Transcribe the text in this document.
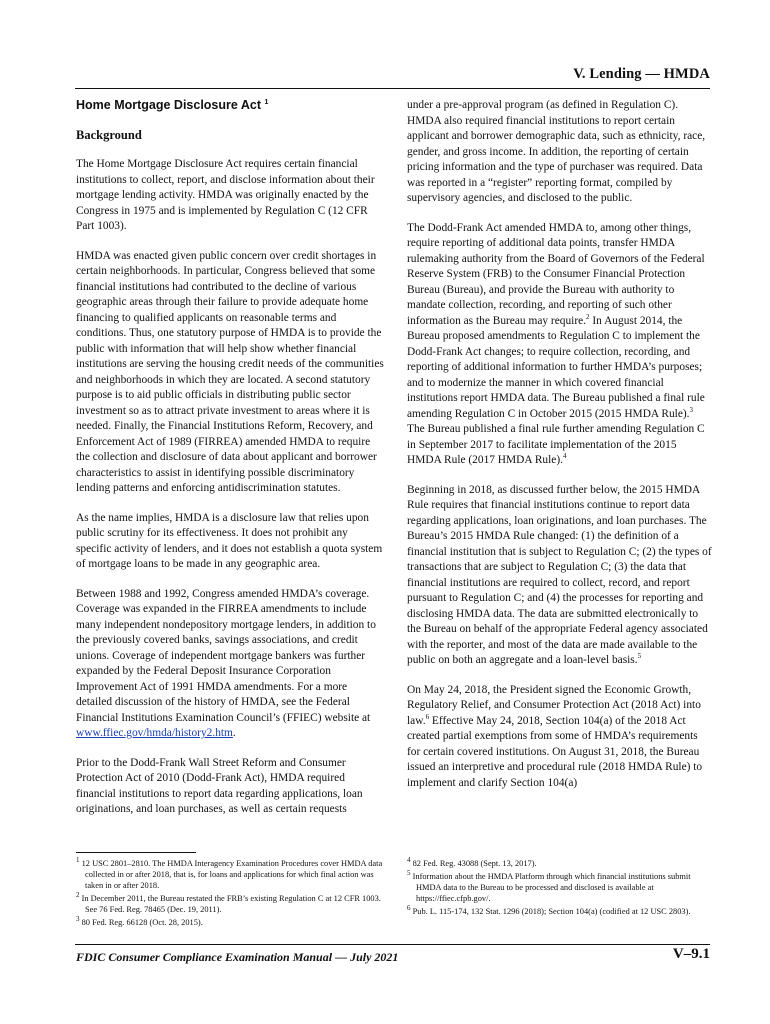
V. Lending — HMDA
Home Mortgage Disclosure Act $^1$
Background

The Home Mortgage Disclosure Act requires certain financial institutions to collect, report, and disclose information about their mortgage lending activity. HMDA was originally enacted by the Congress in 1975 and is implemented by Regulation C (12 CFR Part 1003).

HMDA was enacted given public concern over credit shortages in certain neighborhoods. In particular, Congress believed that some financial institutions had contributed to the decline of various geographic areas through their failure to provide adequate home financing to qualified applicants on reasonable terms and conditions. Thus, one statutory purpose of HMDA is to provide the public with information that will help show whether financial institutions are serving the housing credit needs of the communities and neighborhoods in which they are located. A second statutory purpose is to aid public officials in distributing public sector investment so as to attract private investment to areas where it is needed. Finally, the Financial Institutions Reform, Recovery, and Enforcement Act of 1989 (FIRREA) amended HMDA to require the collection and disclosure of data about applicant and borrower characteristics to assist in identifying possible discriminatory lending patterns and enforcing antidiscrimination statutes.

As the name implies, HMDA is a disclosure law that relies upon public scrutiny for its effectiveness. It does not prohibit any specific activity of lenders, and it does not establish a quota system of mortgage loans to be made in any geographic area.

Between 1988 and 1992, Congress amended HMDA’s coverage. Coverage was expanded in the FIRREA amendments to include many independent nondepository mortgage lenders, in addition to the previously covered banks, savings associations, and credit unions. Coverage of independent mortgage bankers was further expanded by the Federal Deposit Insurance Corporation Improvement Act of 1991 HMDA amendments. For a more detailed discussion of the history of HMDA, see the Federal Financial Institutions Examination Council’s (FFIEC) website at www.ffiec.gov/hmda/history2.htm.

Prior to the Dodd-Frank Wall Street Reform and Consumer Protection Act of 2010 (Dodd-Frank Act), HMDA required financial institutions to report data regarding applications, loan originations, and loan purchases, as well as certain requests

under a pre-approval program (as defined in Regulation C). HMDA also required financial institutions to report certain applicant and borrower demographic data, such as ethnicity, race, gender, and gross income. In addition, the reporting of certain pricing information and the type of purchaser was required. Data was reported in a “register” reporting format, compiled by supervisory agencies, and disclosed to the public.

The Dodd-Frank Act amended HMDA to, among other things, require reporting of additional data points, transfer HMDA rulemaking authority from the Board of Governors of the Federal Reserve System (FRB) to the Consumer Financial Protection Bureau (Bureau), and provide the Bureau with authority to mandate collection, recording, and reporting of such other information as the Bureau may require.$^2$ In August 2014, the Bureau proposed amendments to Regulation C to implement the Dodd-Frank Act changes; to require collection, recording, and reporting of additional information to further HMDA’s purposes; and to modernize the manner in which covered financial institutions report HMDA data. The Bureau published a final rule amending Regulation C in October 2015 (2015 HMDA Rule).$^3$ The Bureau published a final rule further amending Regulation C in September 2017 to facilitate implementation of the 2015 HMDA Rule (2017 HMDA Rule).$^4$

Beginning in 2018, as discussed further below, the 2015 HMDA Rule requires that financial institutions continue to report data regarding applications, loan originations, and loan purchases. The Bureau’s 2015 HMDA Rule changed: (1) the definition of a financial institution that is subject to Regulation C; (2) the types of transactions that are subject to Regulation C; (3) the data that financial institutions are required to collect, record, and report pursuant to Regulation C; and (4) the processes for reporting and disclosing HMDA data. The data are submitted electronically to the Bureau on behalf of the appropriate Federal agency associated with the reporter, and most of the data are made available to the public on both an aggregate and a loan-level basis.$^5$

On May 24, 2018, the President signed the Economic Growth, Regulatory Relief, and Consumer Protection Act (2018 Act) into law.$^6$ Effective May 24, 2018, Section 104(a) of the 2018 Act created partial exemptions from some of HMDA’s requirements for certain covered institutions. On August 31, 2018, the Bureau issued an interpretive and procedural rule (2018 HMDA Rule) to implement and clarify Section 104(a)

$^1$ 12 USC 2801–2810. The HMDA Interagency Examination Procedures cover HMDA data collected in or after 2018, that is, for loans and applications for which final action was taken in or after 2018.
$^2$ In December 2011, the Bureau restated the FRB’s existing Regulation C at 12 CFR 1003. See 76 Fed. Reg. 78465 (Dec. 19, 2011).
$^3$ 80 Fed. Reg. 66128 (Oct. 28, 2015).
$^4$ 82 Fed. Reg. 43088 (Sept. 13, 2017).
$^5$ Information about the HMDA Platform through which financial institutions submit HMDA data to the Bureau to be processed and disclosed is available at https://ffiec.cfpb.gov/.
$^6$ Pub. L. 115-174, 132 Stat. 1296 (2018); Section 104(a) (codified at 12 USC 2803).
FDIC Consumer Compliance Examination Manual — July 2021	V–9.1
